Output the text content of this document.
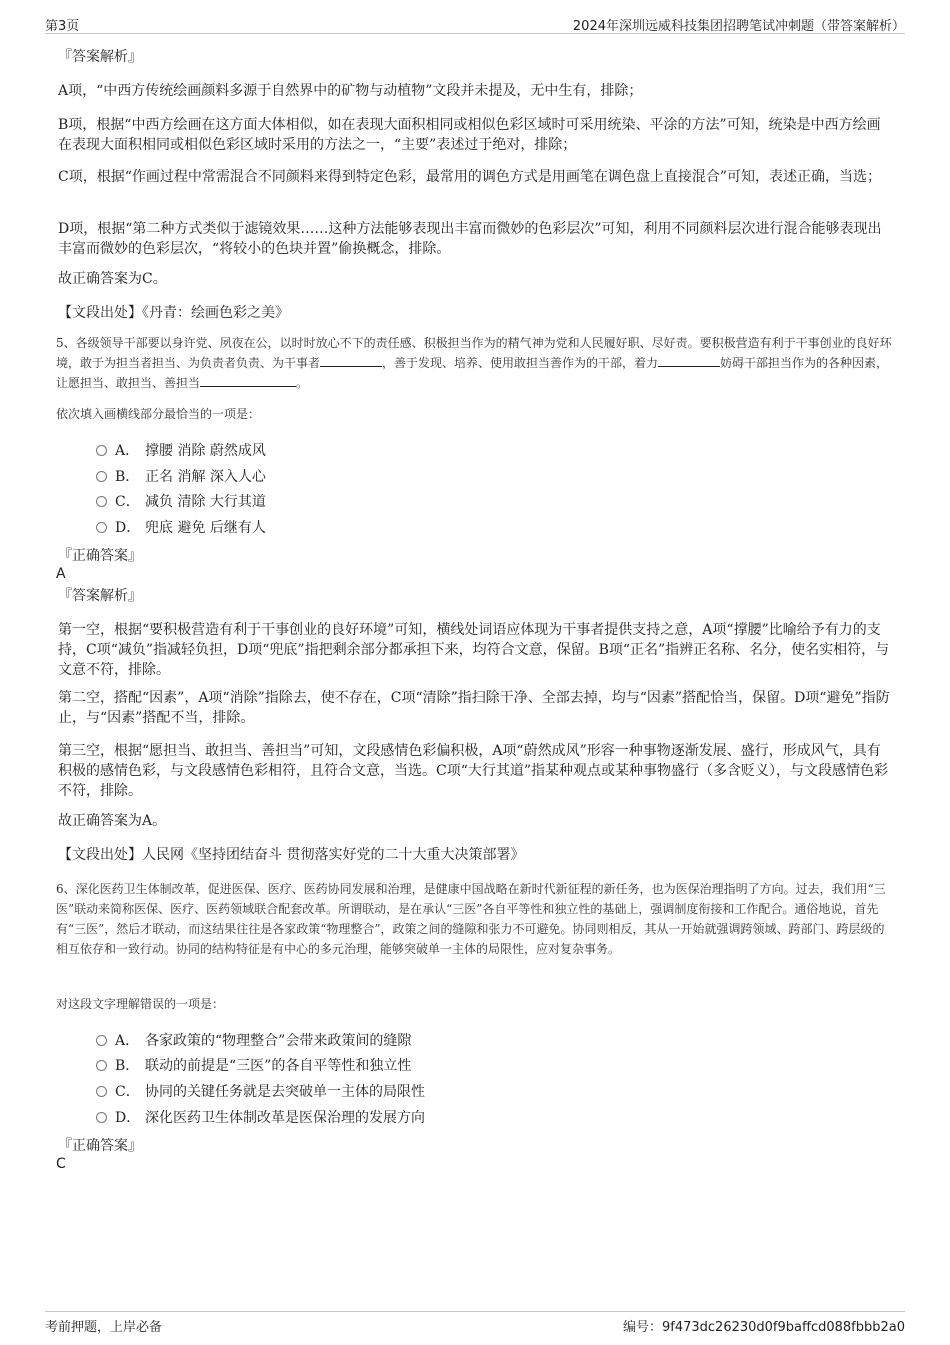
第3页	2024年深圳远威科技集团招聘笔试冲刺题（带答案解析）
『答案解析』
A项，“中西方传统绘画颜料多源于自然界中的矿物与动植物”文段并未提及，无中生有，排除；
B项，根据“中西方绘画在这方面大体相似，如在表现大面积相同或相似色彩区域时可采用统染、平涂的方法”可知，统染是中西方绘画在表现大面积相同或相似色彩区域时采用的方法之一，“主要”表述过于绝对，排除；
C项，根据“作画过程中常需混合不同颜料来得到特定色彩，最常用的调色方式是用画笔在调色盘上直接混合”可知，表述正确，当选；
D项，根据“第二种方式类似于滤镜效果……这种方法能够表现出丰富而微妙的色彩层次”可知，利用不同颜料层次进行混合能够表现出丰富而微妙的色彩层次，“将较小的色块并置”偷换概念，排除。
故正确答案为C。
【文段出处】《丹青：绘画色彩之美》
5、各级领导干部要以身许党、夙夜在公，以时时放心不下的责任感、积极担当作为的精气神为党和人民履好职、尽好责。要积极营造有利于干事创业的良好环境，敢于为担当者担当、为负责者负责、为干事者	，善于发现、培养、使用敢担当善作为的干部，着力	妨碍干部担当作为的各种因素，让愿担当、敢担当、善担当	。
依次填入画横线部分最恰当的一项是：
A． 撑腰 消除 蔚然成风
B． 正名 消解 深入人心
C． 减负 清除 大行其道
D． 兜底 避免 后继有人
『正确答案』
A
『答案解析』
第一空，根据“要积极营造有利于干事创业的良好环境”可知，横线处词语应体现为干事者提供支持之意，A项“撑腰”比喻给予有力的支持，C项“减负”指减轻负担，D项“兜底”指把剩余部分都承担下来，均符合文意，保留。B项“正名”指辨正名称、名分，使名实相符，与文意不符，排除。
第二空，搭配“因素”，A项“消除”指除去，使不存在，C项“清除”指扫除干净、全部去掉，均与“因素”搭配恰当，保留。D项“避免”指防止，与“因素”搭配不当，排除。
第三空，根据“愿担当、敢担当、善担当”可知，文段感情色彩偏积极，A项“蔚然成风”形容一种事物逐渐发展、盛行，形成风气，具有积极的感情色彩，与文段感情色彩相符，且符合文意，当选。C项“大行其道”指某种观点或某种事物盛行（多含贬义），与文段感情色彩不符，排除。
故正确答案为A。
【文段出处】人民网《坚持团结奋斗 贯彻落实好党的二十大重大决策部署》
6、深化医药卫生体制改革，促进医保、医疗、医药协同发展和治理，是健康中国战略在新时代新征程的新任务，也为医保治理指明了方向。过去，我们用“三医”联动来简称医保、医疗、医药领域联合配套改革。所谓联动，是在承认“三医”各自平等性和独立性的基础上，强调制度衔接和工作配合。通俗地说，首先有“三医”，然后才联动，而这结果往往是各家政策“物理整合”，政策之间的缝隙和张力不可避免。协同则相反，其从一开始就强调跨领域、跨部门、跨层级的相互依存和一致行动。协同的结构特征是有中心的多元治理，能够突破单一主体的局限性，应对复杂事务。
对这段文字理解错误的一项是：
A． 各家政策的“物理整合”会带来政策间的缝隙
B． 联动的前提是“三医”的各自平等性和独立性
C． 协同的关键任务就是去突破单一主体的局限性
D． 深化医药卫生体制改革是医保治理的发展方向
『正确答案』
C
考前押题，上岸必备	编号：9f473dc26230d0f9baffcd088fbbb2a0
